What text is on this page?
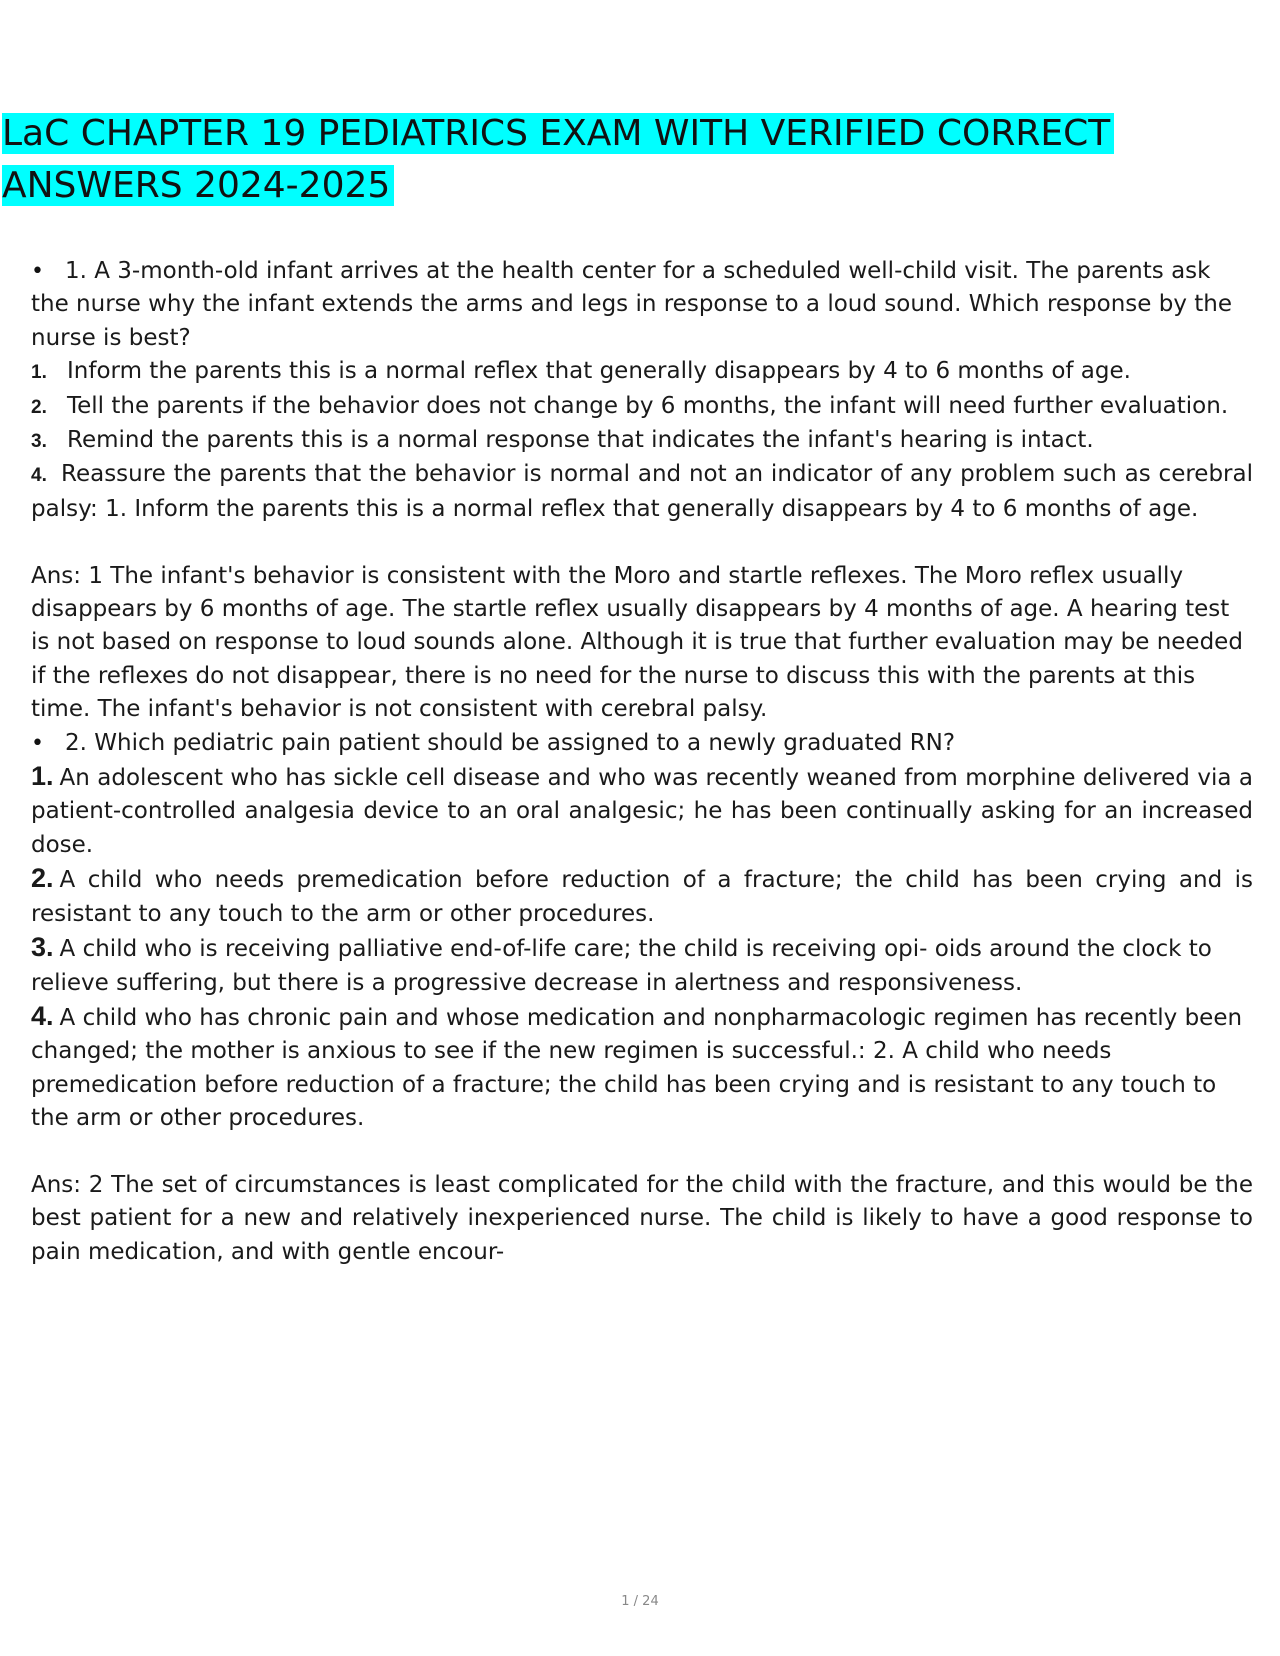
LaC CHAPTER 19 PEDIATRICS EXAM WITH VERIFIED CORRECT ANSWERS 2024-2025

• 1. A 3-month-old infant arrives at the health center for a scheduled well-child visit. The parents ask the nurse why the infant extends the arms and legs in response to a loud sound. Which response by the nurse is best?

1. Inform the parents this is a normal reflex that generally disappears by 4 to 6 months of age.

2. Tell the parents if the behavior does not change by 6 months, the infant will need further evaluation.

3. Remind the parents this is a normal response that indicates the infant's hearing is intact.

4. Reassure the parents that the behavior is normal and not an indicator of any problem such as cerebral palsy: 1. Inform the parents this is a normal reflex that generally disappears by 4 to 6 months of age.

Ans: 1 The infant's behavior is consistent with the Moro and startle reflexes. The Moro reflex usually disappears by 6 months of age. The startle reflex usually disappears by 4 months of age. A hearing test is not based on response to loud sounds alone. Although it is true that further evaluation may be needed if the reflexes do not disappear, there is no need for the nurse to discuss this with the parents at this time. The infant's behavior is not consistent with cerebral palsy.

• 2. Which pediatric pain patient should be assigned to a newly graduated RN?

1. An adolescent who has sickle cell disease and who was recently weaned from morphine delivered via a patient-controlled analgesia device to an oral analgesic; he has been continually asking for an increased dose.

2. A child who needs premedication before reduction of a fracture; the child has been crying and is resistant to any touch to the arm or other procedures.

3. A child who is receiving palliative end-of-life care; the child is receiving opi- oids around the clock to relieve suffering, but there is a progressive decrease in alertness and responsiveness.

4. A child who has chronic pain and whose medication and nonpharmacologic regimen has recently been changed; the mother is anxious to see if the new regimen is successful.: 2. A child who needs premedication before reduction of a fracture; the child has been crying and is resistant to any touch to the arm or other procedures.

Ans: 2 The set of circumstances is least complicated for the child with the fracture, and this would be the best patient for a new and relatively inexperienced nurse. The child is likely to have a good response to pain medication, and with gentle encour-

1 / 24
